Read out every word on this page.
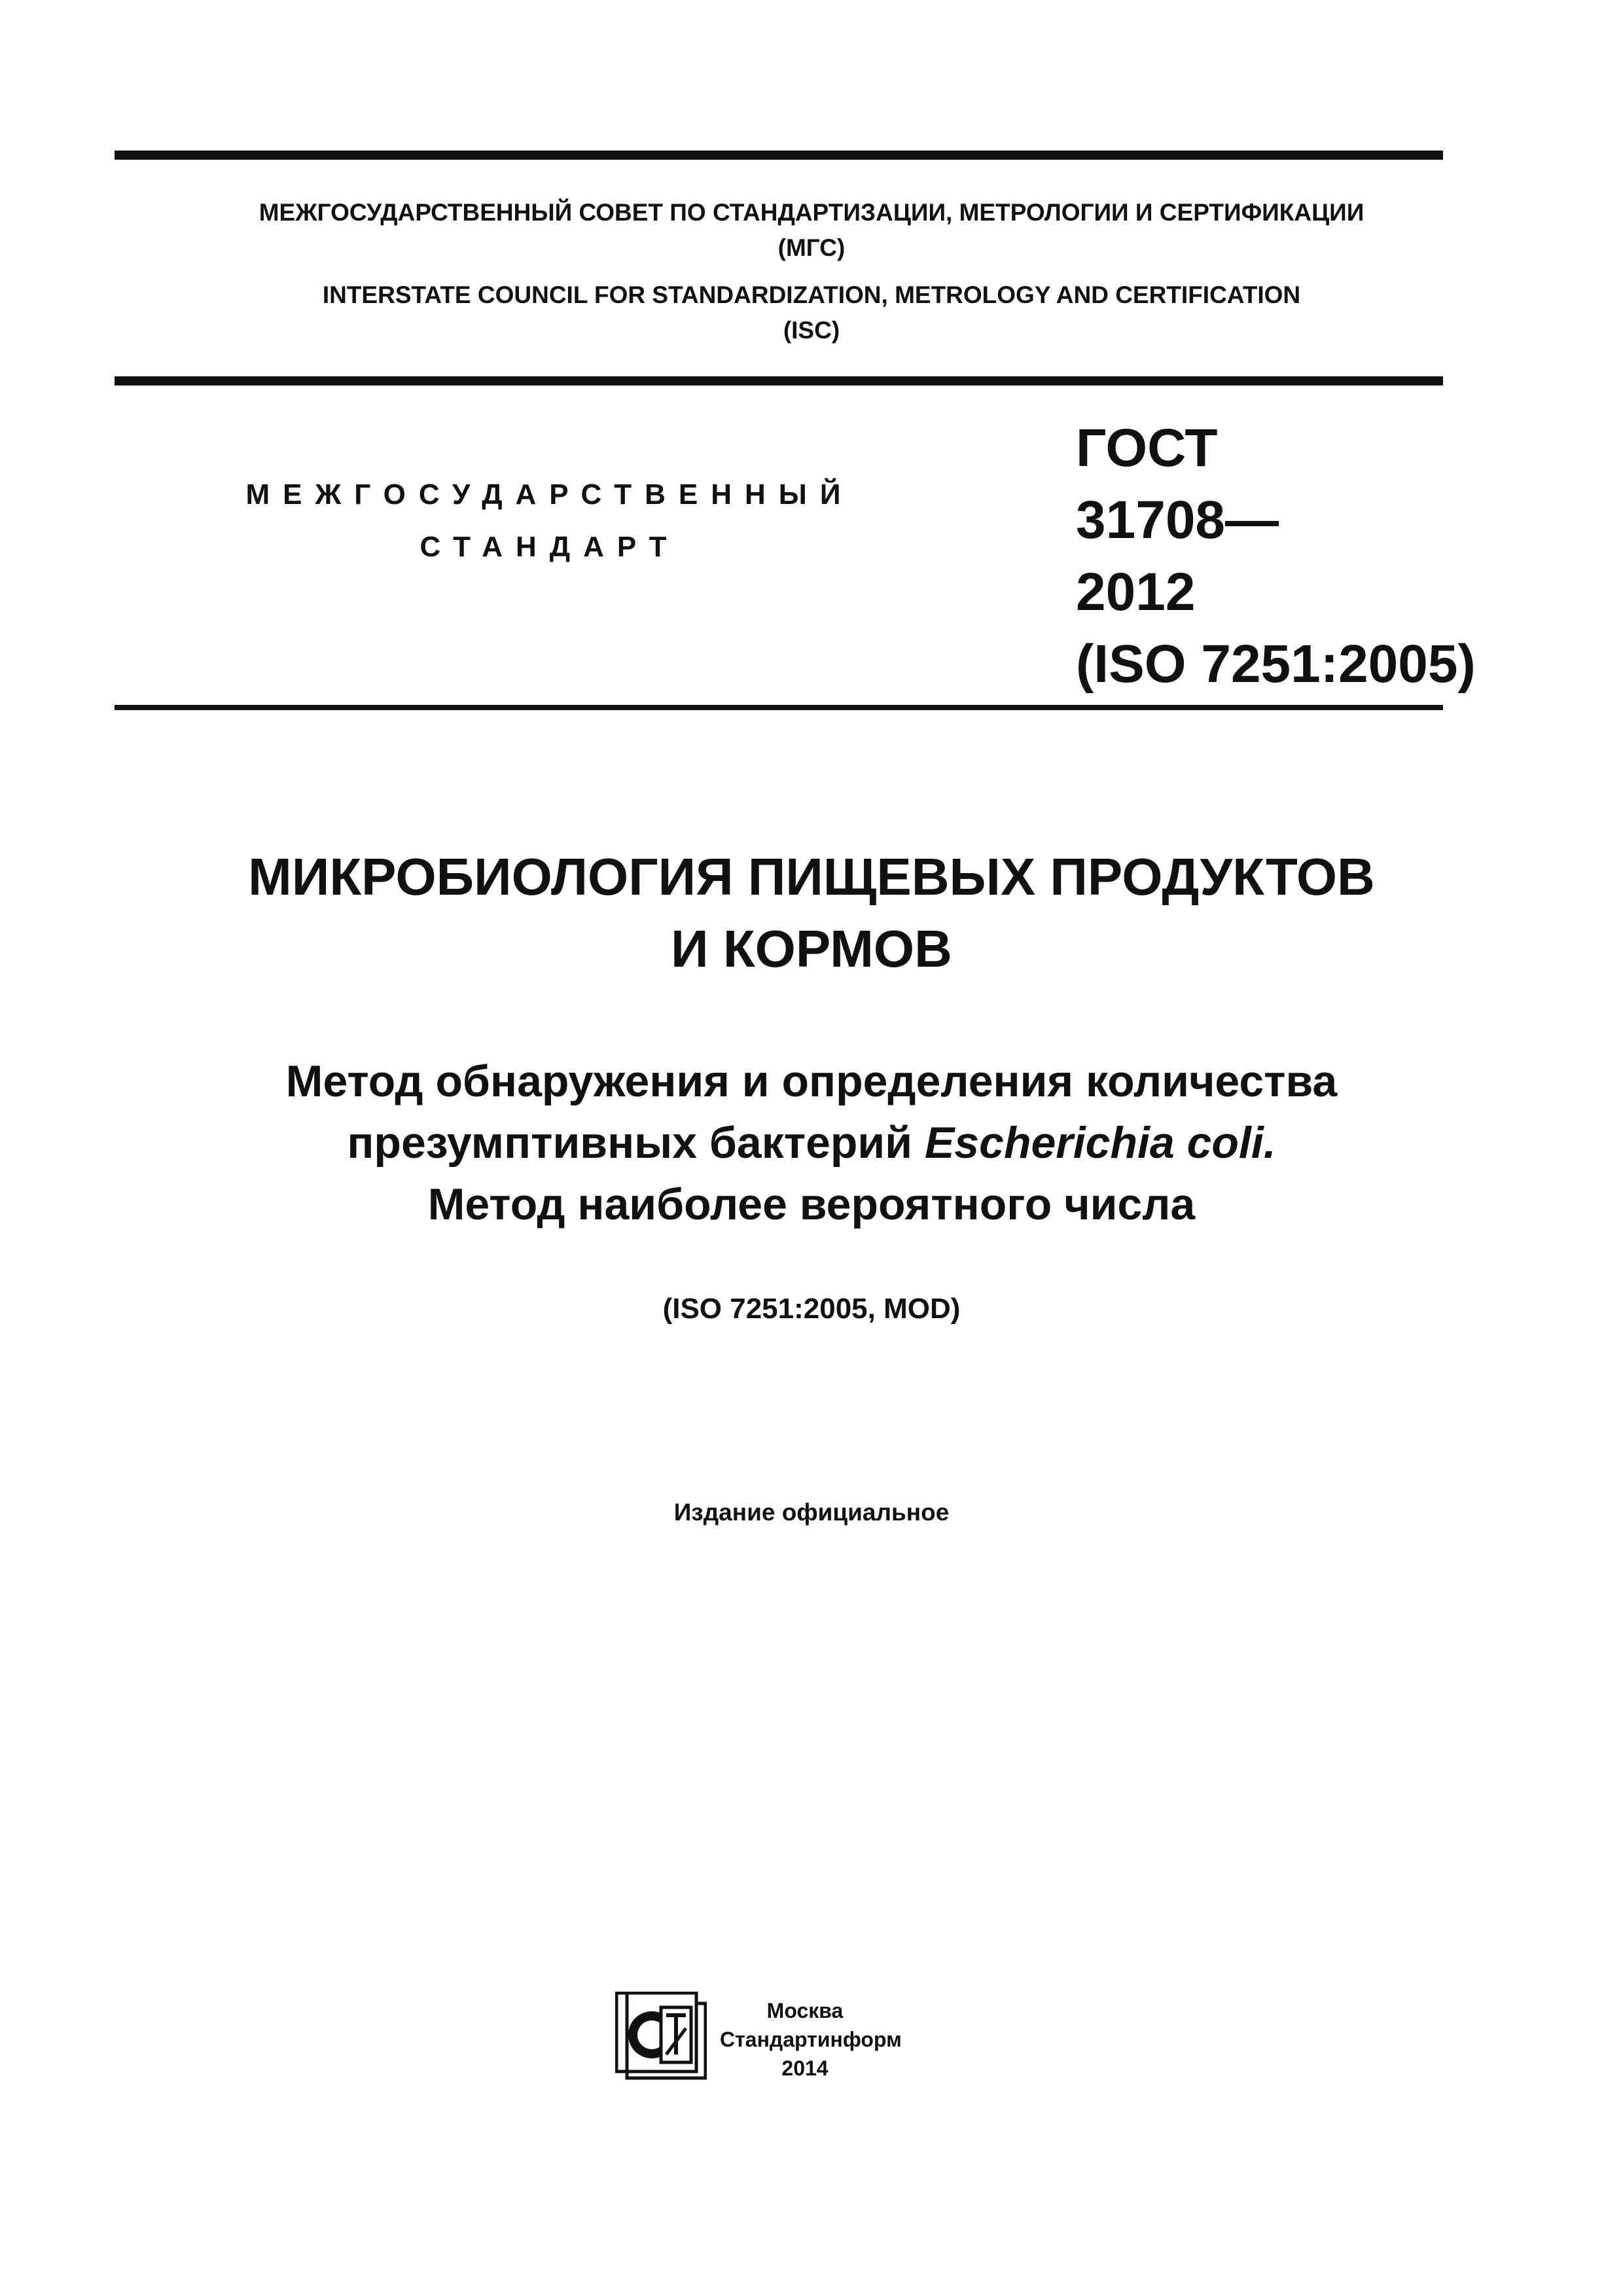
МЕЖГОСУДАРСТВЕННЫЙ СОВЕТ ПО СТАНДАРТИЗАЦИИ, МЕТРОЛОГИИ И СЕРТИФИКАЦИИ
(МГС)
INTERSTATE COUNCIL FOR STANDARDIZATION, METROLOGY AND CERTIFICATION
(ISC)
МЕЖГОСУДАРСТВЕННЫЙ
СТАНДАРТ
ГОСТ
31708—
2012
(ISO 7251:2005)
МИКРОБИОЛОГИЯ ПИЩЕВЫХ ПРОДУКТОВ
И КОРМОВ
Метод обнаружения и определения количества
презумптивных бактерий Escherichia coli.
Метод наиболее вероятного числа
(ISO 7251:2005, MOD)
Издание официальное
Москва
Стандартинформ
2014
